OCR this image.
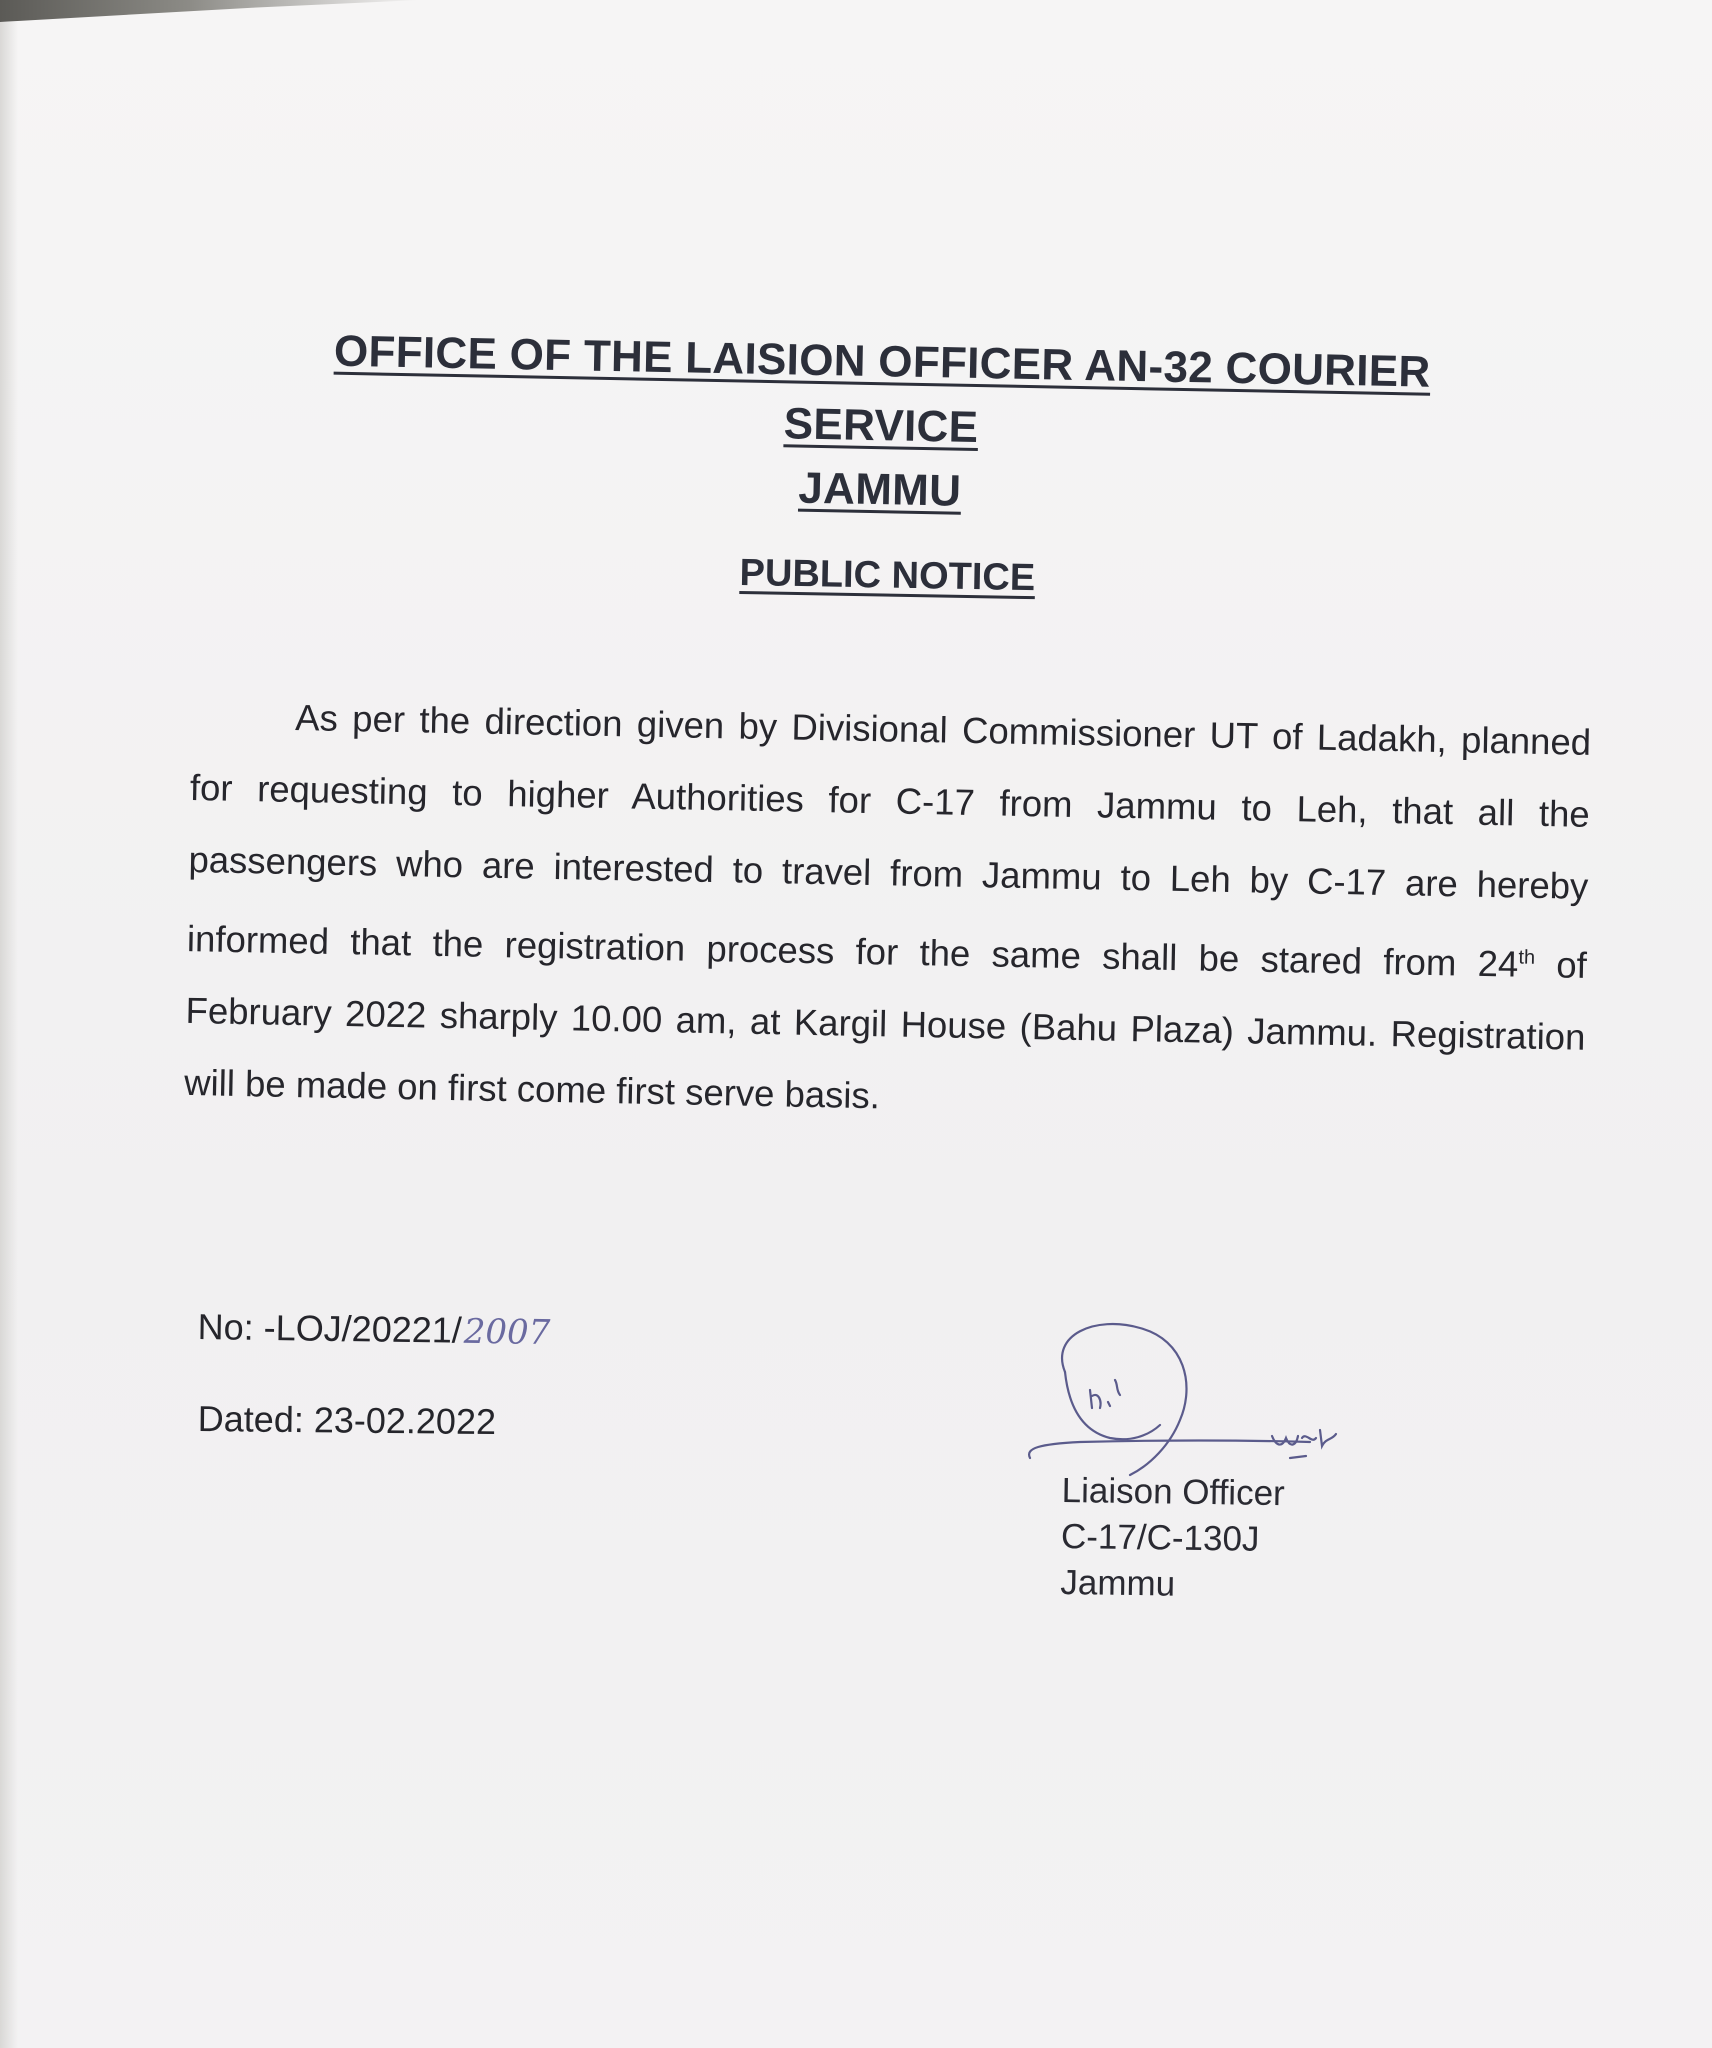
OFFICE OF THE LAISION OFFICER AN-32 COURIER SERVICE
JAMMU
PUBLIC NOTICE
As per the direction given by Divisional Commissioner UT of Ladakh, planned for requesting to higher Authorities for C-17 from Jammu to Leh, that all the passengers who are interested to travel from Jammu to Leh by C-17 are hereby informed that the registration process for the same shall be stared from 24th of February 2022 sharply 10.00 am, at Kargil House (Bahu Plaza) Jammu. Registration will be made on first come first serve basis.
No: -LOJ/20221/2007
Dated: 23-02.2022
Liaison Officer
C-17/C-130J
Jammu
